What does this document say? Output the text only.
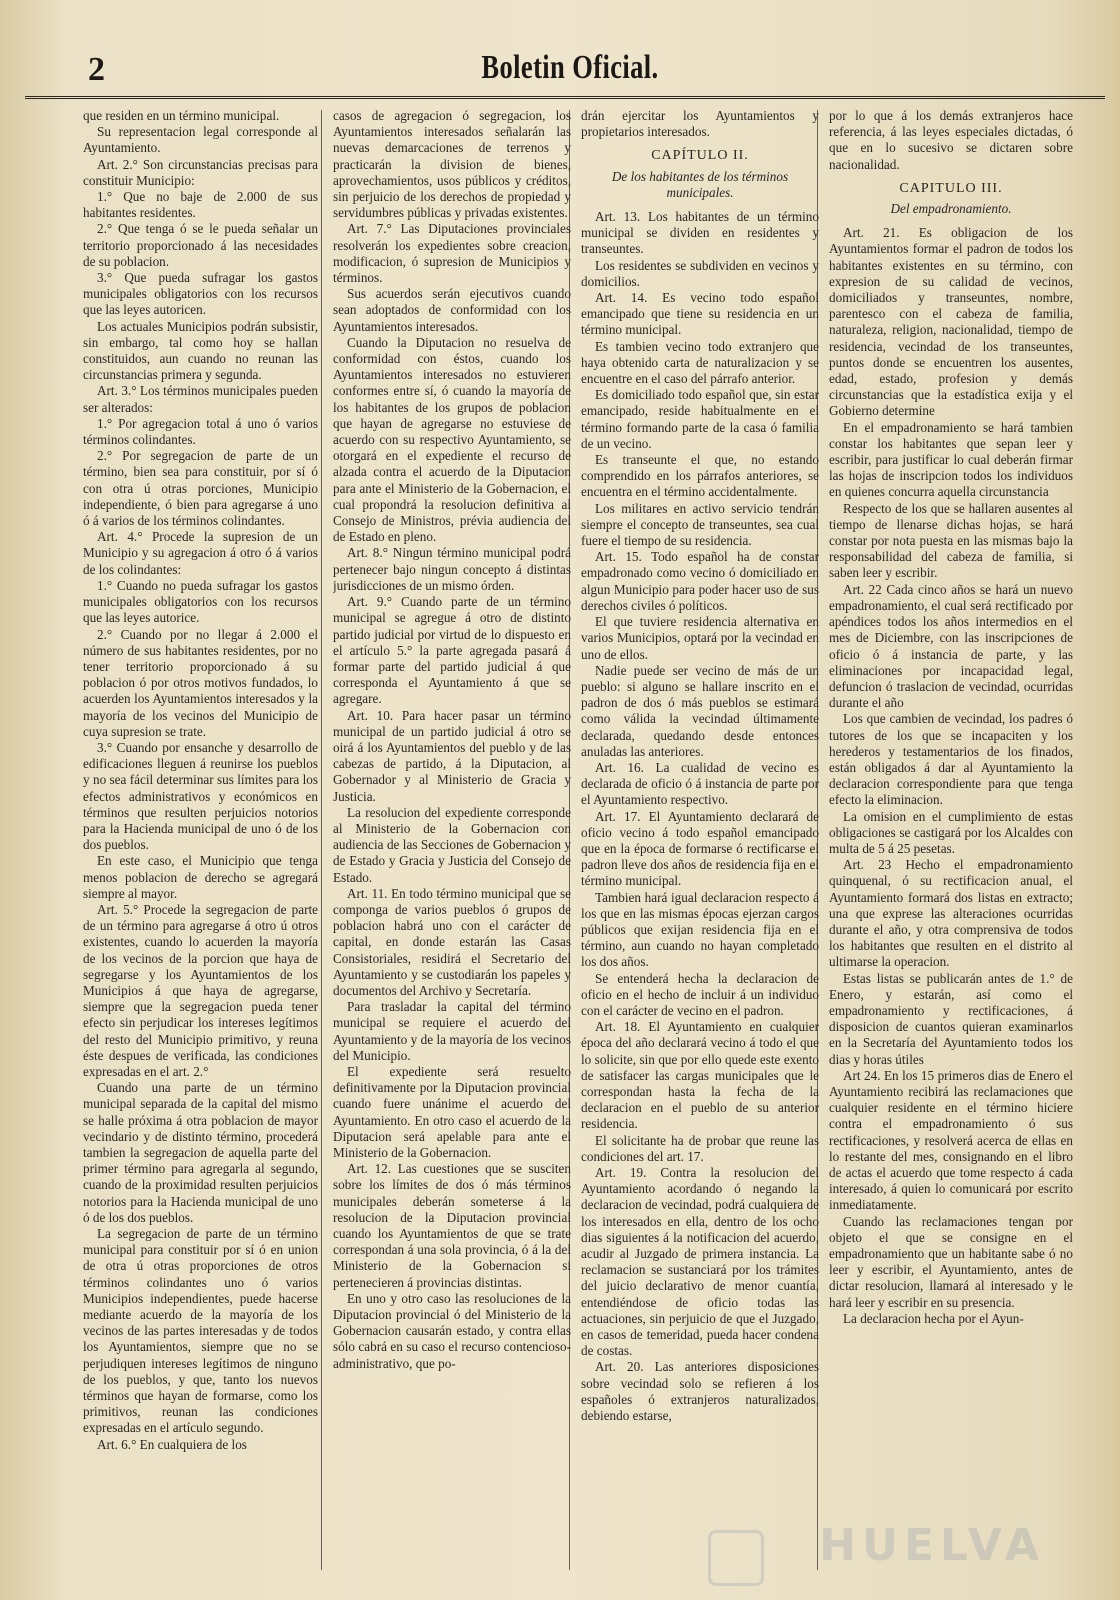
2	Boletin Oficial.

que residen en un término municipal.

Su representacion legal corresponde al Ayuntamiento.

Art. 2.° Son circunstancias precisas para constituir Municipio:

1.° Que no baje de 2.000 de sus habitantes residentes.

2.° Que tenga ó se le pueda señalar un territorio proporcionado á las necesidades de su poblacion.

3.° Que pueda sufragar los gastos municipales obligatorios con los recursos que las leyes autoricen.

Los actuales Municipios podrán subsistir, sin embargo, tal como hoy se hallan constituidos, aun cuando no reunan las circunstancias primera y segunda.

Art. 3.° Los términos municipales pueden ser alterados:

1.° Por agregacion total á uno ó varios términos colindantes.

2.° Por segregacion de parte de un término, bien sea para constituir, por sí ó con otra ú otras porciones, Municipio independiente, ó bien para agregarse á uno ó á varios de los términos colindantes.

Art. 4.° Procede la supresion de un Municipio y su agregacion á otro ó á varios de los colindantes:

1.° Cuando no pueda sufragar los gastos municipales obligatorios con los recursos que las leyes autorice.

2.° Cuando por no llegar á 2.000 el número de sus habitantes residentes, por no tener territorio proporcionado á su poblacion ó por otros motivos fundados, lo acuerden los Ayuntamientos interesados y la mayoría de los vecinos del Municipio de cuya supresion se trate.

3.° Cuando por ensanche y desarrollo de edificaciones lleguen á reunirse los pueblos y no sea fácil determinar sus límites para los efectos administrativos y económicos en términos que resulten perjuicios notorios para la Hacienda municipal de uno ó de los dos pueblos.

En este caso, el Municipio que tenga menos poblacion de derecho se agregará siempre al mayor.

Art. 5.° Procede la segregacion de parte de un término para agregarse á otro ú otros existentes, cuando lo acuerden la mayoría de los vecinos de la porcion que haya de segregarse y los Ayuntamientos de los Municipios á que haya de agregarse, siempre que la segregacion pueda tener efecto sin perjudicar los intereses legítimos del resto del Municipio primitivo, y reuna éste despues de verificada, las condiciones expresadas en el art. 2.°

Cuando una parte de un término municipal separada de la capital del mismo se halle próxima á otra poblacion de mayor vecindario y de distinto término, procederá tambien la segregacion de aquella parte del primer término para agregarla al segundo, cuando de la proximidad resulten perjuicios notorios para la Hacienda municipal de uno ó de los dos pueblos.

La segregacion de parte de un término municipal para constituir por sí ó en union de otra ú otras proporciones de otros términos colindantes uno ó varios Municipios independientes, puede hacerse mediante acuerdo de la mayoría de los vecinos de las partes interesadas y de todos los Ayuntamientos, siempre que no se perjudiquen intereses legítimos de ninguno de los pueblos, y que, tanto los nuevos términos que hayan de formarse, como los primitivos, reunan las condiciones expresadas en el artículo segundo.

Art. 6.° En cualquiera de los

casos de agregacion ó segregacion, los Ayuntamientos interesados señalarán las nuevas demarcaciones de terrenos y practicarán la division de bienes, aprovechamientos, usos públicos y créditos, sin perjuicio de los derechos de propiedad y servidumbres públicas y privadas existentes.

Art. 7.° Las Diputaciones provinciales resolverán los expedientes sobre creacion, modificacion, ó supresion de Municipios y términos.

Sus acuerdos serán ejecutivos cuando sean adoptados de conformidad con los Ayuntamientos interesados.

Cuando la Diputacion no resuelva de conformidad con éstos, cuando los Ayuntamientos interesados no estuvieren conformes entre sí, ó cuando la mayoría de los habitantes de los grupos de poblacion que hayan de agregarse no estuviese de acuerdo con su respectivo Ayuntamiento, se otorgará en el expediente el recurso de alzada contra el acuerdo de la Diputacion para ante el Ministerio de la Gobernacion, el cual propondrá la resolucion definitiva al Consejo de Ministros, prévia audiencia del de Estado en pleno.

Art. 8.° Ningun término municipal podrá pertenecer bajo ningun concepto á distintas jurisdicciones de un mismo órden.

Art. 9.° Cuando parte de un término municipal se agregue á otro de distinto partido judicial por virtud de lo dispuesto en el artículo 5.° la parte agregada pasará á formar parte del partido judicial á que corresponda el Ayuntamiento á que se agregare.

Art. 10. Para hacer pasar un término municipal de un partido judicial á otro se oirá á los Ayuntamientos del pueblo y de las cabezas de partido, á la Diputacion, al Gobernador y al Ministerio de Gracia y Justicia.

La resolucion del expediente corresponde al Ministerio de la Gobernacion con audiencia de las Secciones de Gobernacion y de Estado y Gracia y Justicia del Consejo de Estado.

Art. 11. En todo término municipal que se componga de varios pueblos ó grupos de poblacion habrá uno con el carácter de capital, en donde estarán las Casas Consistoriales, residirá el Secretario del Ayuntamiento y se custodiarán los papeles y documentos del Archivo y Secretaría.

Para trasladar la capital del término municipal se requiere el acuerdo del Ayuntamiento y de la mayoría de los vecinos del Municipio.

El expediente será resuelto definitivamente por la Diputacion provincial cuando fuere unánime el acuerdo del Ayuntamiento. En otro caso el acuerdo de la Diputacion será apelable para ante el Ministerio de la Gobernacion.

Art. 12. Las cuestiones que se susciten sobre los límites de dos ó más términos municipales deberán someterse á la resolucion de la Diputacion provincial cuando los Ayuntamientos de que se trate correspondan á una sola provincia, ó á la del Ministerio de la Gobernacion si pertenecieren á provincias distintas.

En uno y otro caso las resoluciones de la Diputacion provincial ó del Ministerio de la Gobernacion causarán estado, y contra ellas sólo cabrá en su caso el recurso contencioso-administrativo, que po-

drán ejercitar los Ayuntamientos y propietarios interesados.

CAPÍTULO II.
De los habitantes de los términos municipales.

Art. 13. Los habitantes de un término municipal se dividen en residentes y transeuntes.

Los residentes se subdividen en vecinos y domicilios.

Art. 14. Es vecino todo español emancipado que tiene su residencia en un término municipal.

Es tambien vecino todo extranjero que haya obtenido carta de naturalizacion y se encuentre en el caso del párrafo anterior.

Es domiciliado todo español que, sin estar emancipado, reside habitualmente en el término formando parte de la casa ó familia de un vecino.

Es transeunte el que, no estando comprendido en los párrafos anteriores, se encuentra en el término accidentalmente.

Los militares en activo servicio tendrán siempre el concepto de transeuntes, sea cual fuere el tiempo de su residencia.

Art. 15. Todo español ha de constar empadronado como vecino ó domiciliado en algun Municipio para poder hacer uso de sus derechos civiles ó políticos.

El que tuviere residencia alternativa en varios Municipios, optará por la vecindad en uno de ellos.

Nadie puede ser vecino de más de un pueblo: si alguno se hallare inscrito en el padron de dos ó más pueblos se estimará como válida la vecindad últimamente declarada, quedando desde entonces anuladas las anteriores.

Art. 16. La cualidad de vecino es declarada de oficio ó á instancia de parte por el Ayuntamiento respectivo.

Art. 17. El Ayuntamiento declarará de oficio vecino á todo español emancipado que en la época de formarse ó rectificarse el padron lleve dos años de residencia fija en el término municipal.

Tambien hará igual declaracion respecto á los que en las mismas épocas ejerzan cargos públicos que exijan residencia fija en el término, aun cuando no hayan completado los dos años.

Se entenderá hecha la declaracion de oficio en el hecho de incluir á un individuo con el carácter de vecino en el padron.

Art. 18. El Ayuntamiento en cualquier época del año declarará vecino á todo el que lo solicite, sin que por ello quede este exento de satisfacer las cargas municipales que le correspondan hasta la fecha de la declaracion en el pueblo de su anterior residencia.

El solicitante ha de probar que reune las condiciones del art. 17.

Art. 19. Contra la resolucion del Ayuntamiento acordando ó negando la declaracion de vecindad, podrá cualquiera de los interesados en ella, dentro de los ocho dias siguientes á la notificacion del acuerdo, acudir al Juzgado de primera instancia. La reclamacion se sustanciará por los trámites del juicio declarativo de menor cuantía, entendiéndose de oficio todas las actuaciones, sin perjuicio de que el Juzgado, en casos de temeridad, pueda hacer condena de costas.

Art. 20. Las anteriores disposiciones sobre vecindad solo se refieren á los españoles ó extranjeros naturalizados, debiendo estarse,

por lo que á los demás extranjeros hace referencia, á las leyes especiales dictadas, ó que en lo sucesivo se dictaren sobre nacionalidad.

CAPITULO III.
Del empadronamiento.

Art. 21. Es obligacion de los Ayuntamientos formar el padron de todos los habitantes existentes en su término, con expresion de su calidad de vecinos, domiciliados y transeuntes, nombre, parentesco con el cabeza de familia, naturaleza, religion, nacionalidad, tiempo de residencia, vecindad de los transeuntes, puntos donde se encuentren los ausentes, edad, estado, profesion y demás circunstancias que la estadística exija y el Gobierno determine

En el empadronamiento se hará tambien constar los habitantes que sepan leer y escribir, para justificar lo cual deberán firmar las hojas de inscripcion todos los individuos en quienes concurra aquella circunstancia

Respecto de los que se hallaren ausentes al tiempo de llenarse dichas hojas, se hará constar por nota puesta en las mismas bajo la responsabilidad del cabeza de familia, si saben leer y escribir.

Art. 22 Cada cinco años se hará un nuevo empadronamiento, el cual será rectificado por apéndices todos los años intermedios en el mes de Diciembre, con las inscripciones de oficio ó á instancia de parte, y las eliminaciones por incapacidad legal, defuncion ó traslacion de vecindad, ocurridas durante el año

Los que cambien de vecindad, los padres ó tutores de los que se incapaciten y los herederos y testamentarios de los finados, están obligados á dar al Ayuntamiento la declaracion correspondiente para que tenga efecto la eliminacion.

La omision en el cumplimiento de estas obligaciones se castigará por los Alcaldes con multa de 5 á 25 pesetas.

Art. 23 Hecho el empadronamiento quinquenal, ó su rectificacion anual, el Ayuntamiento formará dos listas en extracto; una que exprese las alteraciones ocurridas durante el año, y otra comprensiva de todos los habitantes que resulten en el distrito al ultimarse la operacion.

Estas listas se publicarán antes de 1.° de Enero, y estarán, así como el empadronamiento y rectificaciones, á disposicion de cuantos quieran examinarlos en la Secretaría del Ayuntamiento todos los dias y horas útiles

Art 24. En los 15 primeros dias de Enero el Ayuntamiento recibirá las reclamaciones que cualquier residente en el término hiciere contra el empadronamiento ó sus rectificaciones, y resolverá acerca de ellas en lo restante del mes, consignando en el libro de actas el acuerdo que tome respecto á cada interesado, á quien lo comunicará por escrito inmediatamente.

Cuando las reclamaciones tengan por objeto el que se consigne en el empadronamiento que un habitante sabe ó no leer y escribir, el Ayuntamiento, antes de dictar resolucion, llamará al interesado y le hará leer y escribir en su presencia.

La declaracion hecha por el Ayun-

HUELVA
